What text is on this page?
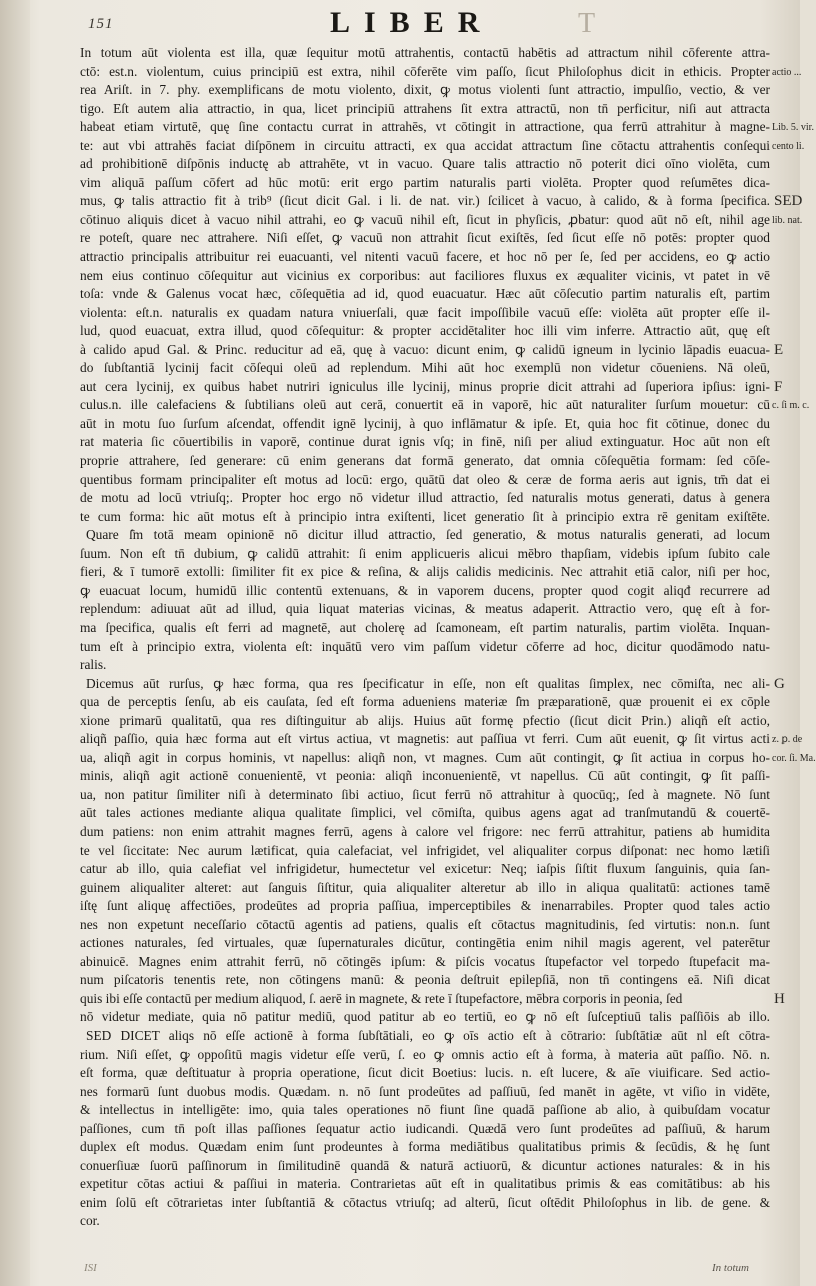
151	LIBER	T
In totum aūt violenta est illa, quæ ſequitur motū attrahentis, contactū habētis ad attractum nihil cōferente attra-
ctō: est.n. violentum, cuius principiū est extra, nihil cōferēte vim paſſo, ſicut Philoſophus dicit in ethicis. Propter
rea Ariſt. in 7. phy. exemplificans de motu violento, dixit, ꝙ motus violenti ſunt attractio, impulſio, vectio, & ver
tigo. Eſt autem alia attractio, in qua, licet principiū attrahens ſit extra attractū, non tn̄ perficitur, niſi aut attracta
habeat etiam virtutē, quę ſine contactu currat in attrahēs, vt cōtingit in attractione, qua ferrū attrahitur à magne-
te: aut vbi attrahēs faciat diſpōnem in circuitu attracti, ex qua accidat attractum ſine cōtactu attrahentis conſequi
ad prohibitionē diſpōnis inductę ab attrahēte, vt in vacuo. Quare talis attractio nō poterit dici oīno violēta, cum
vim aliquā paſſum cōfert ad hūc motū: erit ergo partim naturalis parti violēta. Propter quod reſumētes dica-
mus, ꝙ talis attractio fit à trib⁹ (ſicut dicit Gal. i li. de nat. vir.) ſcilicet à vacuo, à calido, & à forma ſpecifica.
cōtinuo aliquis dicet à vacuo nihil attrahi, eo ꝙ vacuū nihil eſt, ſicut in phyſicis, ꝓbatur: quod aūt nō eſt, nihil age
re poteſt, quare nec attrahere. Niſi eſſet, ꝙ vacuū non attrahit ſicut exiſtēs, ſed ſicut eſſe nō potēs: propter quod
attractio principalis attribuitur rei euacuanti, vel nitenti vacuū facere, et hoc nō per ſe, ſed per accidens, eo ꝙ actio
nem eius continuo cōſequitur aut vicinius ex corporibus: aut faciliores fluxus ex æqualiter vicinis, vt patet in vē
toſa: vnde & Galenus vocat hæc, cōſequētia ad id, quod euacuatur. Hæc aūt cōſecutio partim naturalis eſt, partim
violenta: eſt.n. naturalis ex quadam natura vniuerſali, quæ facit impoſſibile vacuū eſſe: violēta aūt propter eſſe il-
lud, quod euacuat, extra illud, quod cōſequitur: & propter accidētaliter hoc illi vim inferre. Attractio aūt, quę eſt
à calido apud Gal. & Princ. reducitur ad eā, quę à vacuo: dicunt enim, ꝙ calidū igneum in lycinio lāpadis euacua-
do ſubſtantiā lycinij facit cōſequi oleū ad replendum. Mihi aūt hoc exemplū non videtur cōueniens. Nā oleū,
aut cera lycinij, ex quibus habet nutriri igniculus ille lycinij, minus proprie dicit attrahi ad ſuperiora ipſius: igni-
culus.n. ille calefaciens & ſubtilians oleū aut cerā, conuertit eā in vaporē, hic aūt naturaliter ſurſum mouetur: cū
aūt in motu ſuo ſurſum aſcendat, offendit ignē lycinij, à quo inflāmatur & ipſe. Et, quia hoc fit cōtinue, donec du
rat materia ſic cōuertibilis in vaporē, continue durat ignis vſq; in finē, niſi per aliud extinguatur. Hoc aūt non eſt
proprie attrahere, ſed generare: cū enim generans dat formā generato, dat omnia cōſequētia formam: ſed cōſe-
quentibus formam principaliter eſt motus ad locū: ergo, quātū dat oleo & ceræ de forma aeris aut ignis, tm̄ dat ei
de motu ad locū vtriuſq;. Propter hoc ergo nō videtur illud attractio, ſed naturalis motus generati, datus à genera
te cum forma: hic aūt motus eſt à principio intra exiſtenti, licet generatio ſit à principio extra rē genitam exiſtēte.
Quare ſ̄m totā meam opinionē nō dicitur illud attractio, ſed generatio, & motus naturalis generati, ad locum
ſuum. Non eſt tn̄ dubium, ꝙ calidū attrahit: ſi enim applicueris alicui mēbro thapſiam, videbis ipſum ſubito cale
fieri, & ī tumorē extolli: ſimiliter fit ex pice & reſina, & alijs calidis medicinis. Nec attrahit etiā calor, niſi per hoc,
ꝙ euacuat locum, humidū illic contentū extenuans, & in vaporem ducens, propter quod cogit aliqđ recurrere ad
replendum: adiuuat aūt ad illud, quia liquat materias vicinas, & meatus adaperit. Attractio vero, quę eſt à for-
ma ſpecifica, qualis eſt ferri ad magnetē, aut cholerę ad ſcamoneam, eſt partim naturalis, partim violēta. Inquan-
tum eſt à principio extra, violenta eſt: inquātū vero vim paſſum videtur cōferre ad hoc, dicitur quodāmodo natu-
ralis.
Dicemus aūt rurſus, ꝙ hæc forma, qua res ſpecificatur in eſſe, non eſt qualitas ſimplex, nec cōmiſta, nec ali-
qua de perceptis ſenſu, ab eis cauſata, ſed eſt forma adueniens materiæ ſ̄m præparationē, quæ prouenit ei ex cōple
xione primarū qualitatū, qua res diſtinguitur ab alijs. Huius aūt formę pfectio (ſicut dicit Prin.) aliqñ eſt actio,
aliqñ paſſio, quia hæc forma aut eſt virtus actiua, vt magnetis: aut paſſiua vt ferri. Cum aūt euenit, ꝙ ſit virtus acti
ua, aliqñ agit in corpus hominis, vt napellus: aliqñ non, vt magnes. Cum aūt contingit, ꝙ ſit actiua in corpus ho-
minis, aliqñ agit actionē conuenientē, vt peonia: aliqñ inconuenientē, vt napellus. Cū aūt contingit, ꝙ ſit paſſi-
ua, non patitur ſimiliter niſi à determinato ſibi actiuo, ſicut ferrū nō attrahitur à quocūq;, ſed à magnete. Nō ſunt
aūt tales actiones mediante aliqua qualitate ſimplici, vel cōmiſta, quibus agens agat ad tranſmutandū & couertē-
dum patiens: non enim attrahit magnes ferrū, agens à calore vel frigore: nec ferrū attrahitur, patiens ab humidita
te vel ſiccitate: Nec aurum lætificat, quia calefaciat, vel infrigidet, vel aliqualiter corpus diſponat: nec homo lætiſi
catur ab illo, quia calefiat vel infrigidetur, humectetur vel exicetur: Neq; iaſpis ſiſtit fluxum ſanguinis, quia ſan-
guinem aliqualiter alteret: aut ſanguis ſiſtitur, quia aliqualiter alteretur ab illo in aliqua qualitatū: actiones tamē
iſtę ſunt aliquę affectiōes, prodeūtes ad propria paſſiua, imperceptibiles & inenarrabiles. Propter quod tales actio
nes non expetunt neceſſario cōtactū agentis ad patiens, qualis eſt cōtactus magnitudinis, ſed virtutis: non.n. ſunt
actiones naturales, ſed virtuales, quæ ſupernaturales dicūtur, contingētia enim nihil magis agerent, vel paterētur
abinuicē. Magnes enim attrahit ferrū, nō cōtingēs ipſum: & piſcis vocatus ſtupefactor vel torpedo ſtupefacit ma-
num piſcatoris tenentis rete, non cōtingens manū: & peonia deſtruit epilepſiā, non tn̄ contingens eā. Niſi dicat
quis ibi eſſe contactū per medium aliquod, ſ. aerē in magnete, & rete ī ſtupefactore, mēbra corporis in peonia, ſed
nō videtur mediate, quia nō patitur mediū, quod patitur ab eo tertiū, eo ꝙ nō eſt ſuſceptiuū talis paſſiōis ab illo.
SED DICET aliqs nō eſſe actionē à forma ſubſtātiali, eo ꝙ oīs actio eſt à cōtrario: ſubſtātiæ aūt nl eſt cōtra-
rium. Niſi eſſet, ꝙ oppoſitū magis videtur eſſe verū, ſ. eo ꝙ omnis actio eſt à forma, à materia aūt paſſio. Nō. n.
eſt forma, quæ deſtituatur à propria operatione, ſicut dicit Boetius: lucis. n. eſt lucere, & aīe viuificare. Sed actio-
nes formarū ſunt duobus modis. Quædam. n. nō ſunt prodeūtes ad paſſiuū, ſed manēt in agēte, vt viſio in vidēte,
& intellectus in intelligēte: imo, quia tales operationes nō fiunt ſine quadā paſſione ab alio, à quibuſdam vocatur
paſſiones, cum tn̄ poſt illas paſſiones ſequatur actio iudicandi. Quædā vero ſunt prodeūtes ad paſſiuū, & harum
duplex eſt modus. Quædam enim ſunt prodeuntes à forma mediātibus qualitatibus primis & ſecūdis, & hę ſunt
conuerſiuæ ſuorū paſſinorum in ſimilitudinē quandā & naturā actiuorū, & dicuntur actiones naturales: & in his
expetitur cōtas actiui & paſſiui in materia. Contrarietas aūt eſt in qualitatibus primis & eas comitātibus: ab his
enim ſolū eſt cōtrarietas inter ſubſtantiā & cōtactus vtriuſq; ad alterū, ſicut oſtēdit Philoſophus in lib. de gene. &
cor.
actio ...
Lib. 5. vir.
cento li.
SED
lib. nat.
E
F
c. ſi m. c.
G
z. ꝑ. de
cor. ſi. Ma.
H
ISI	In totum
